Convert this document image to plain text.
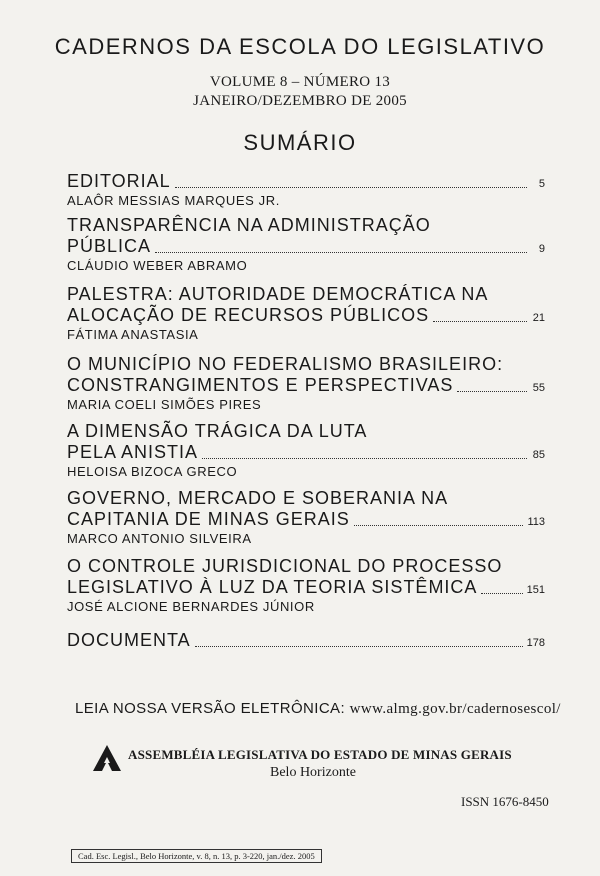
CADERNOS DA ESCOLA DO LEGISLATIVO
VOLUME 8 – NÚMERO 13
JANEIRO/DEZEMBRO DE 2005
SUMÁRIO
EDITORIAL	5
ALAÔR MESSIAS MARQUES JR.
TRANSPARÊNCIA NA ADMINISTRAÇÃO
PÚBLICA	9
CLÁUDIO WEBER ABRAMO
PALESTRA: AUTORIDADE DEMOCRÁTICA NA
ALOCAÇÃO DE RECURSOS PÚBLICOS	21
FÁTIMA ANASTASIA
O MUNICÍPIO NO FEDERALISMO BRASILEIRO:
CONSTRANGIMENTOS E PERSPECTIVAS	55
MARIA COELI SIMÕES PIRES
A DIMENSÃO TRÁGICA DA LUTA
PELA ANISTIA	85
HELOISA BIZOCA GRECO
GOVERNO, MERCADO E SOBERANIA NA
CAPITANIA DE MINAS GERAIS	113
MARCO ANTONIO SILVEIRA
O CONTROLE JURISDICIONAL DO PROCESSO
LEGISLATIVO À LUZ DA TEORIA SISTÊMICA	151
JOSÉ ALCIONE BERNARDES JÚNIOR
DOCUMENTA	178
LEIA NOSSA VERSÃO ELETRÔNICA: www.almg.gov.br/cadernosescol/
ASSEMBLÉIA LEGISLATIVA DO ESTADO DE MINAS GERAIS
Belo Horizonte
ISSN 1676-8450
Cad. Esc. Legisl., Belo Horizonte, v. 8, n. 13, p. 3-220, jan./dez. 2005
